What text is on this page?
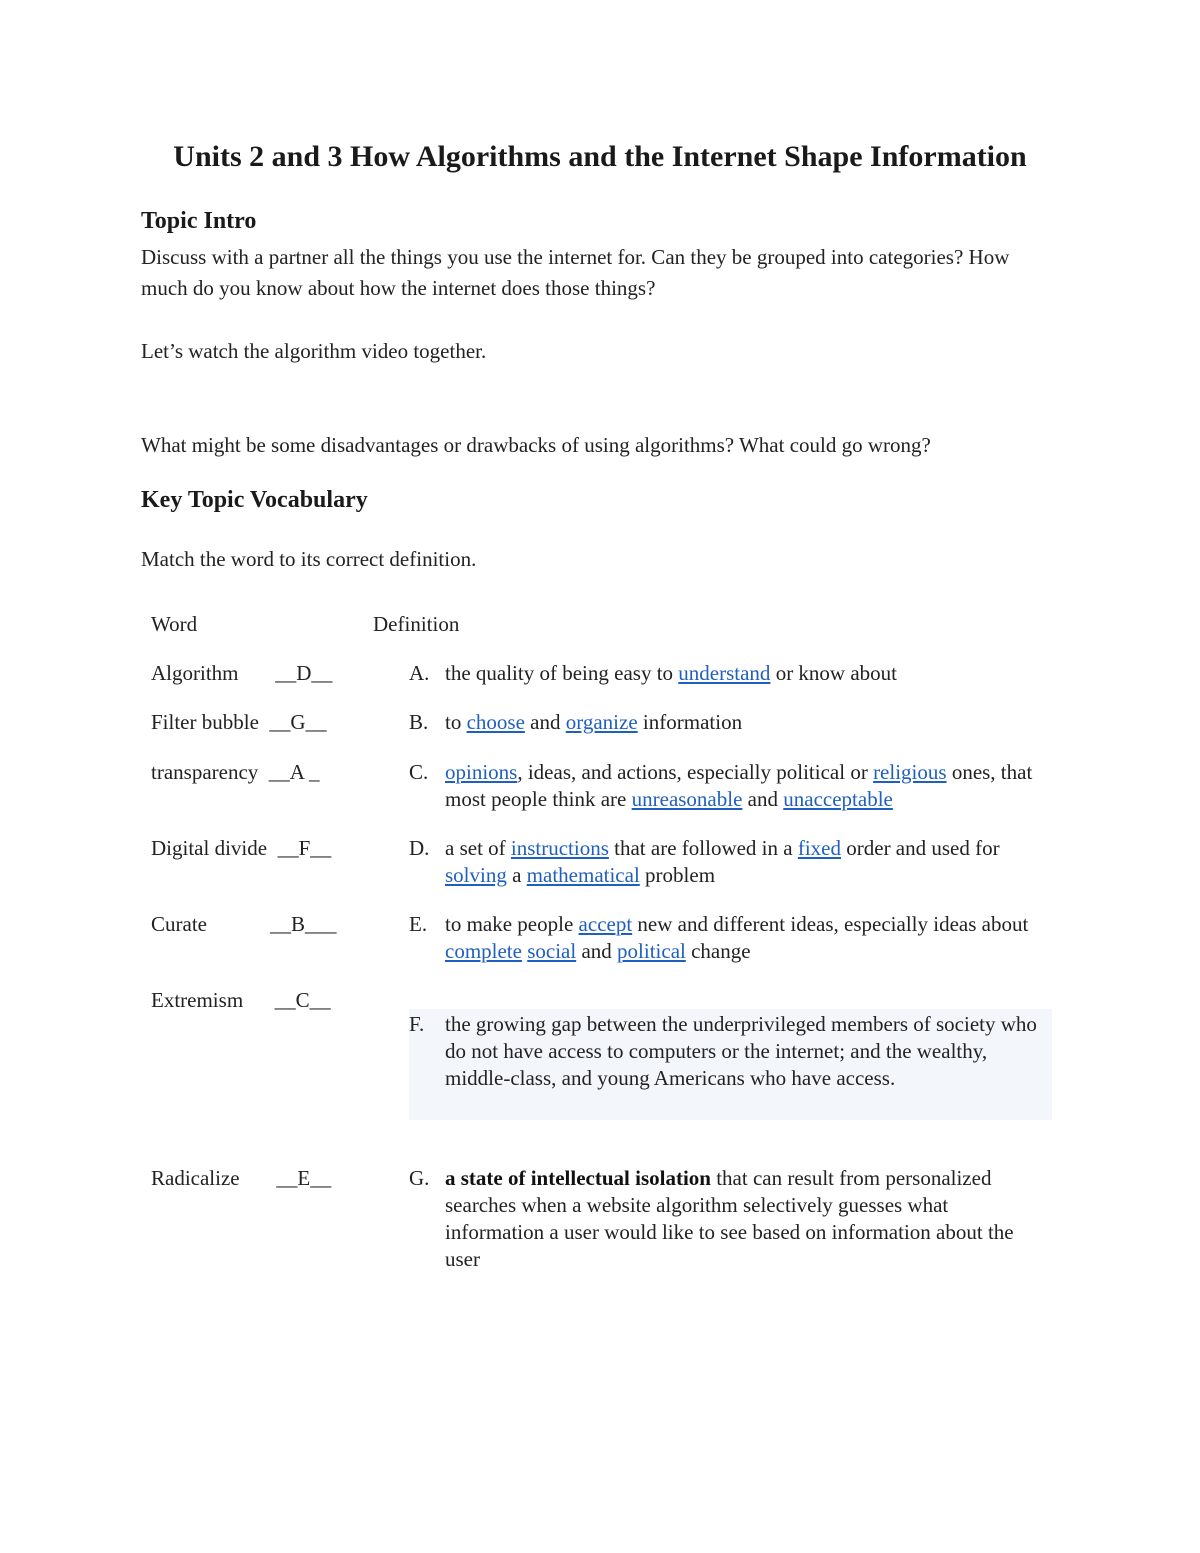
Units 2 and 3 How Algorithms and the Internet Shape Information
Topic Intro

Discuss with a partner all the things you use the internet for. Can they be grouped into categories? How much do you know about how the internet does those things?

Let’s watch the algorithm video together.

What might be some disadvantages or drawbacks of using algorithms? What could go wrong?

Key Topic Vocabulary

Match the word to its correct definition.

Word	Definition
Algorithm       __D__
Filter bubble  __G__
transparency  __A _
Digital divide  __F__
Curate            __B___
Extremism      __C__
Radicalize       __E__
A. the quality of being easy to understand or know about
B. to choose and organize information
C. opinions, ideas, and actions, especially political or religious ones, that most people think are unreasonable and unacceptable
D. a set of instructions that are followed in a fixed order and used for solving a mathematical problem
E. to make people accept new and different ideas, especially ideas about complete social and political change
F. the growing gap between the underprivileged members of society who do not have access to computers or the internet; and the wealthy, middle-class, and young Americans who have access.
G. a state of intellectual isolation that can result from personalized searches when a website algorithm selectively guesses what information a user would like to see based on information about the user
